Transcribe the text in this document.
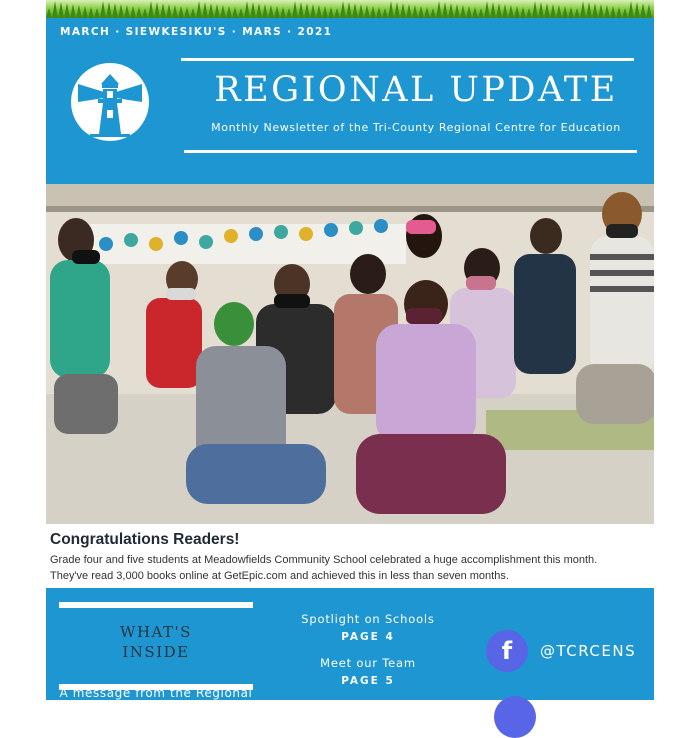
MARCH · SIEWKESIKU'S · MARS · 2021
REGIONAL UPDATE
Monthly Newsletter of the Tri-County Regional Centre for Education
Congratulations Readers!
Grade four and five students at Meadowfields Community School celebrated a huge accomplishment this month.
They've read 3,000 books online at GetEpic.com and achieved this in less than seven months.
WHAT'S
INSIDE
A message from the Regional
Spotlight on Schools
PAGE 4
Meet our Team
PAGE 5
f	@TCRCENS
